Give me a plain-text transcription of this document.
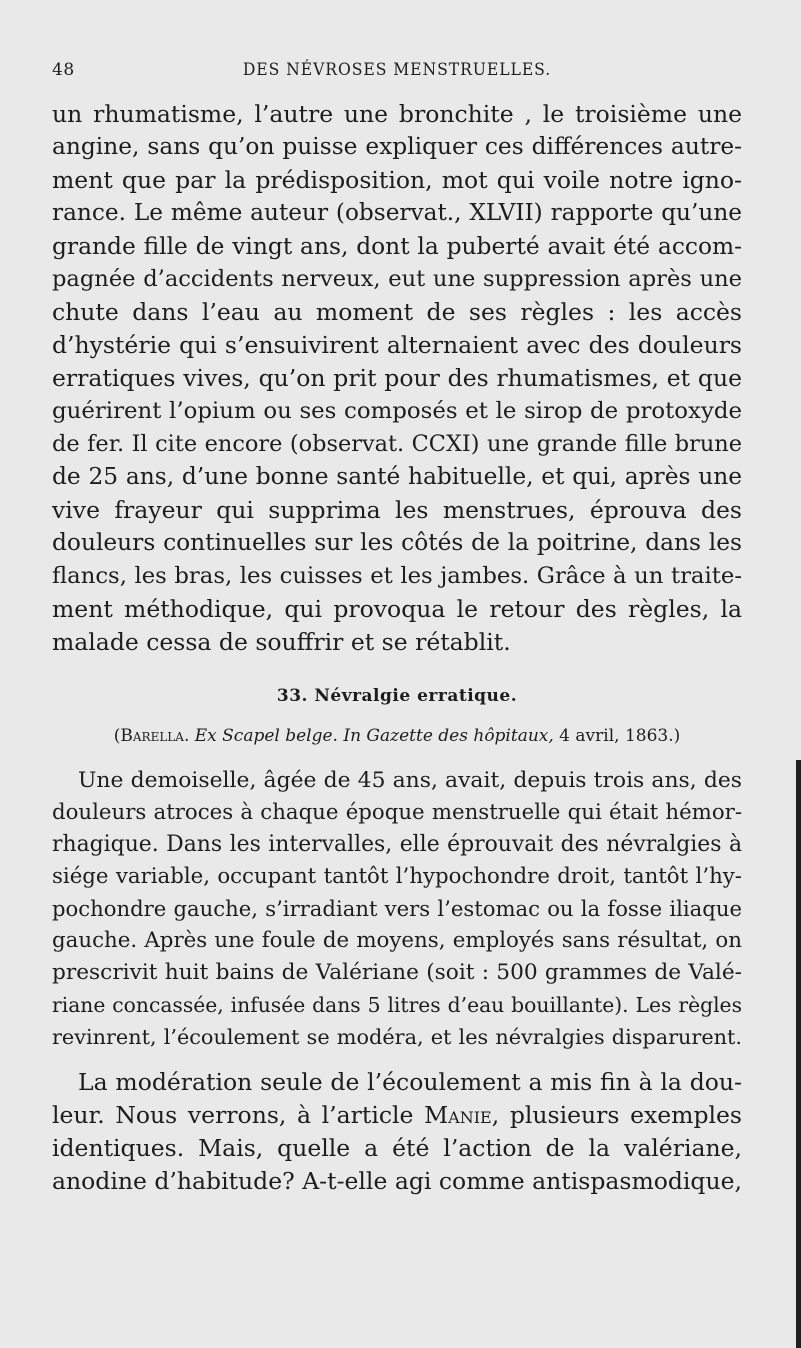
48	DES NÉVROSES MENSTRUELLES.
un rhumatisme, l’autre une bronchite , le troisième une
angine, sans qu’on puisse expliquer ces différences autre-
ment que par la prédisposition, mot qui voile notre igno-
rance. Le même auteur (observat., XLVII) rapporte qu’une
grande fille de vingt ans, dont la puberté avait été accom-
pagnée d’accidents nerveux, eut une suppression après une
chute dans l’eau au moment de ses règles : les accès
d’hystérie qui s’ensuivirent alternaient avec des douleurs
erratiques vives, qu’on prit pour des rhumatismes, et que
guérirent l’opium ou ses composés et le sirop de protoxyde
de fer. Il cite encore (observat. CCXI) une grande fille brune
de 25 ans, d’une bonne santé habituelle, et qui, après une
vive frayeur qui supprima les menstrues, éprouva des
douleurs continuelles sur les côtés de la poitrine, dans les
flancs, les bras, les cuisses et les jambes. Grâce à un traite-
ment méthodique, qui provoqua le retour des règles, la
malade cessa de souffrir et se rétablit.
33. Névralgie erratique.
(Barella. Ex Scapel belge. In Gazette des hôpitaux, 4 avril, 1863.)
Une demoiselle, âgée de 45 ans, avait, depuis trois ans, des
douleurs atroces à chaque époque menstruelle qui était hémor-
rhagique. Dans les intervalles, elle éprouvait des névralgies à
siége variable, occupant tantôt l’hypochondre droit, tantôt l’hy-
pochondre gauche, s’irradiant vers l’estomac ou la fosse iliaque
gauche. Après une foule de moyens, employés sans résultat, on
prescrivit huit bains de Valériane (soit : 500 grammes de Valé-
riane concassée, infusée dans 5 litres d’eau bouillante). Les règles
revinrent, l’écoulement se modéra, et les névralgies disparurent.
La modération seule de l’écoulement a mis fin à la dou-
leur. Nous verrons, à l’article Manie, plusieurs exemples
identiques. Mais, quelle a été l’action de la valériane,
anodine d’habitude? A-t-elle agi comme antispasmodique,
